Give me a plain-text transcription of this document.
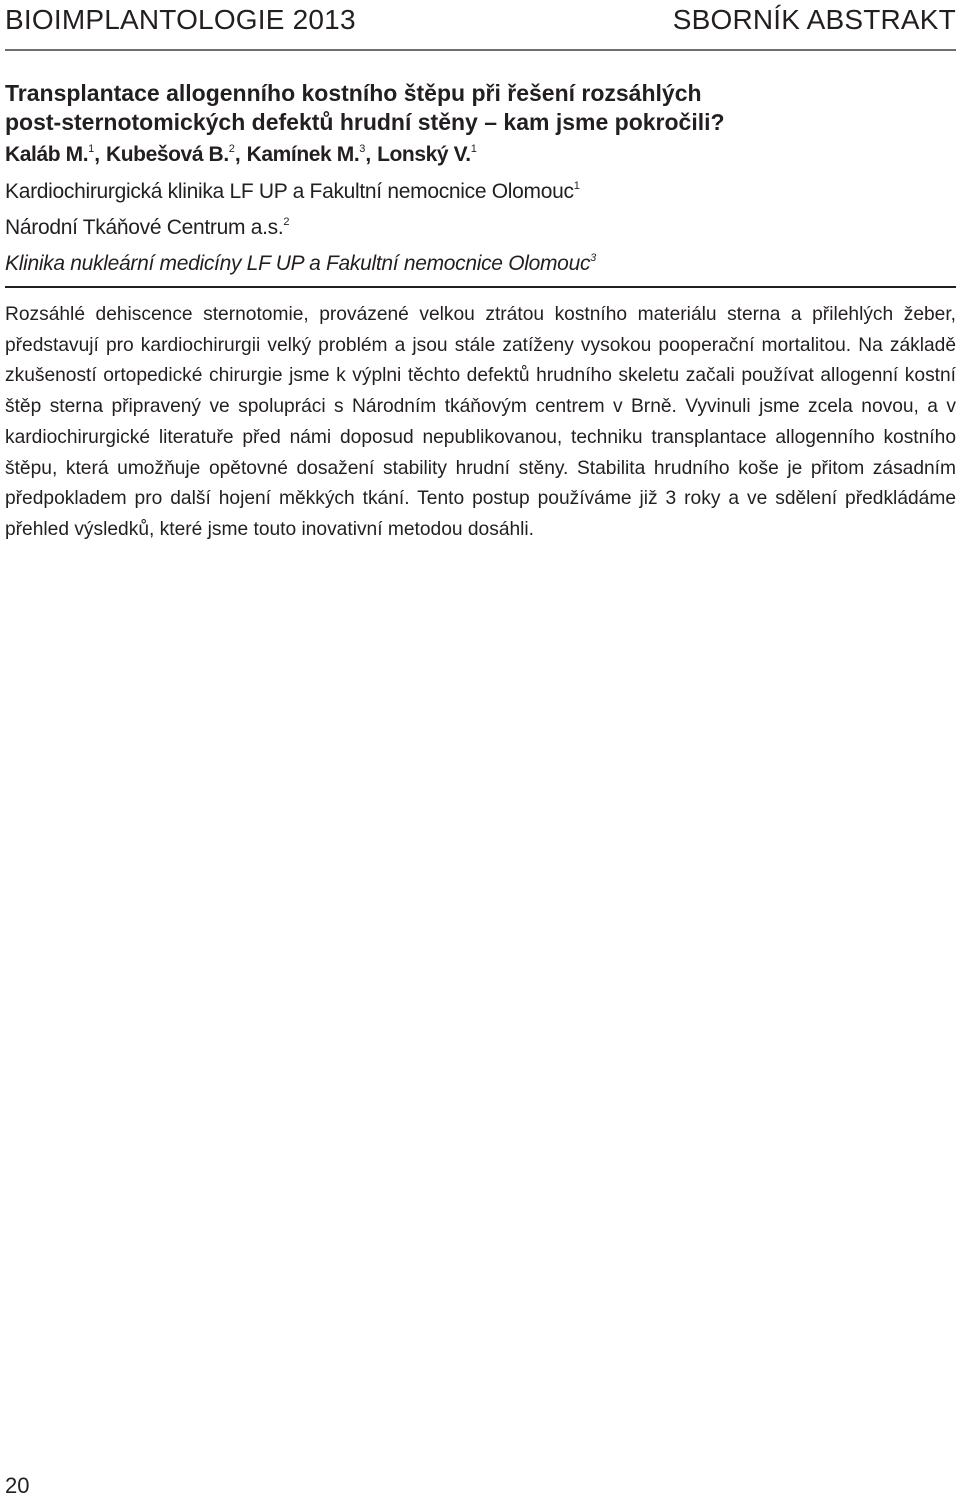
BIOIMPLANTOLOGIE 2013	SBORNÍK ABSTRAKT
Transplantace allogenního kostního štěpu při řešení rozsáhlých
post-sternotomických defektů hrudní stěny – kam jsme pokročili?
Kaláb M.$^1$, Kubešová B.$^2$, Kamínek M.$^3$, Lonský V.$^1$
Kardiochirurgická klinika LF UP a Fakultní nemocnice Olomouc$^1$
Národní Tkáňové Centrum a.s.$^2$
Klinika nukleární medicíny LF UP a Fakultní nemocnice Olomouc$^3$
Rozsáhlé dehiscence sternotomie, provázené velkou ztrátou kostního materiálu sterna a přilehlých žeber, představují pro kardiochirurgii velký problém a jsou stále zatíženy vysokou pooperační mortalitou. Na základě zkušeností ortopedické chirurgie jsme k výplni těchto defektů hrudního skeletu začali používat allogenní kostní štěp sterna připravený ve spolupráci s Národním tkáňovým centrem v Brně. Vyvinuli jsme zcela novou, a v kardiochirurgické literatuře před námi doposud nepublikovanou, techniku transplantace allogenního kostního štěpu, která umožňuje opětovné dosažení stability hrudní stěny. Stabilita hrudního koše je přitom zásadním předpokladem pro další hojení měkkých tkání. Tento postup používáme již 3 roky a ve sdělení předkládáme přehled výsledků, které jsme touto inovativní metodou dosáhli.
20
